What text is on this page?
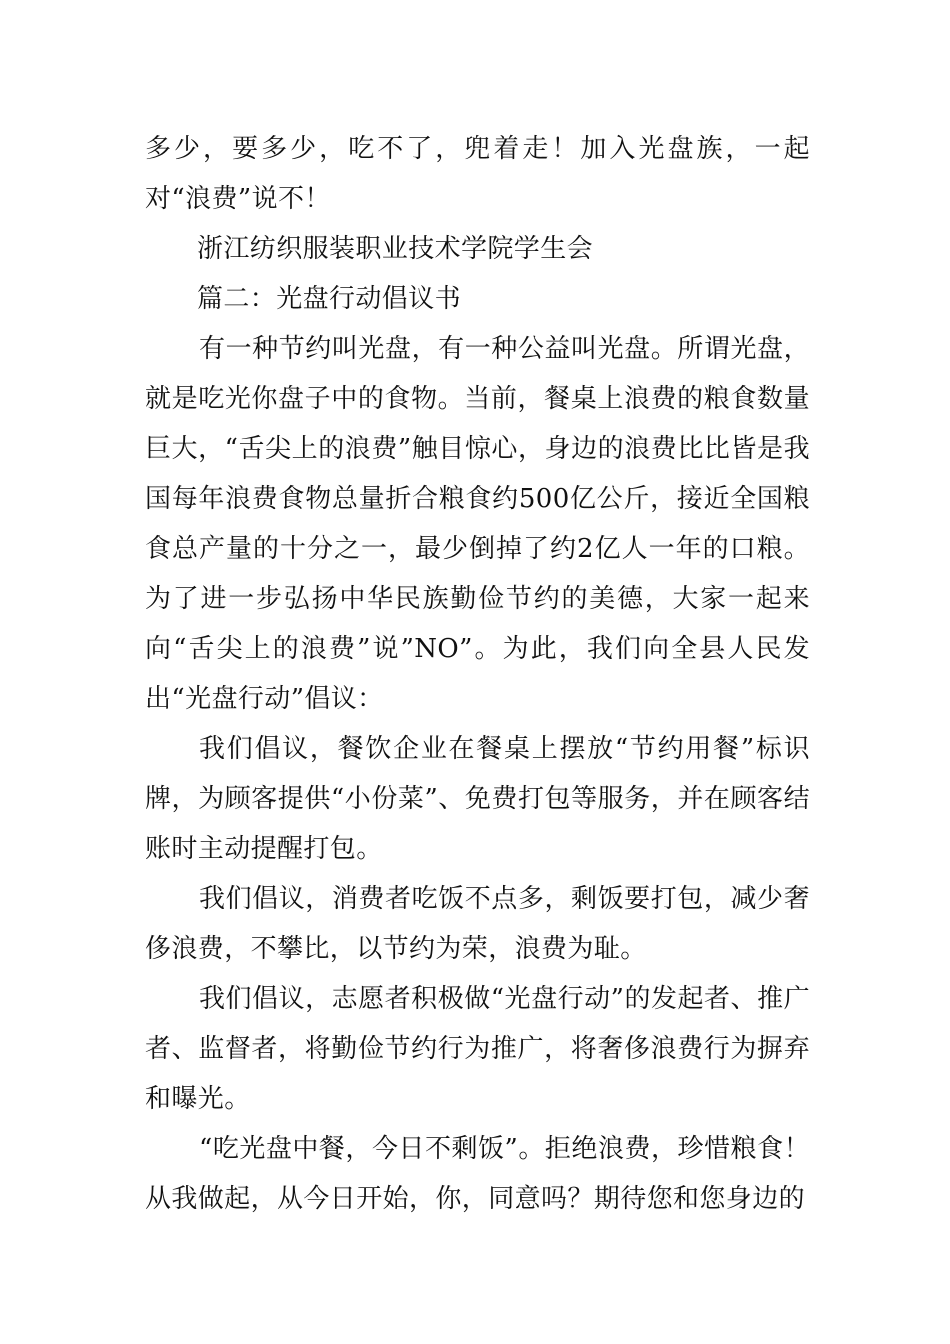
多少，要多少，吃不了，兜着走！加入光盘族，一起对“浪费”说不！

浙江纺织服装职业技术学院学生会

篇二：光盘行动倡议书

有一种节约叫光盘，有一种公益叫光盘。所谓光盘，就是吃光你盘子中的食物。当前，餐桌上浪费的粮食数量巨大，“舌尖上的浪费”触目惊心，身边的浪费比比皆是我国每年浪费食物总量折合粮食约500亿公斤，接近全国粮食总产量的十分之一，最少倒掉了约2亿人一年的口粮。为了进一步弘扬中华民族勤俭节约的美德，大家一起来向“舌尖上的浪费”说”NO”。为此，我们向全县人民发出“光盘行动”倡议：

我们倡议，餐饮企业在餐桌上摆放“节约用餐”标识牌，为顾客提供“小份菜”、免费打包等服务，并在顾客结账时主动提醒打包。

我们倡议，消费者吃饭不点多，剩饭要打包，减少奢侈浪费，不攀比，以节约为荣，浪费为耻。

我们倡议，志愿者积极做“光盘行动”的发起者、推广者、监督者，将勤俭节约行为推广，将奢侈浪费行为摒弃和曝光。

“吃光盘中餐，今日不剩饭”。拒绝浪费，珍惜粮食！从我做起，从今日开始，你，同意吗？期待您和您身边的
